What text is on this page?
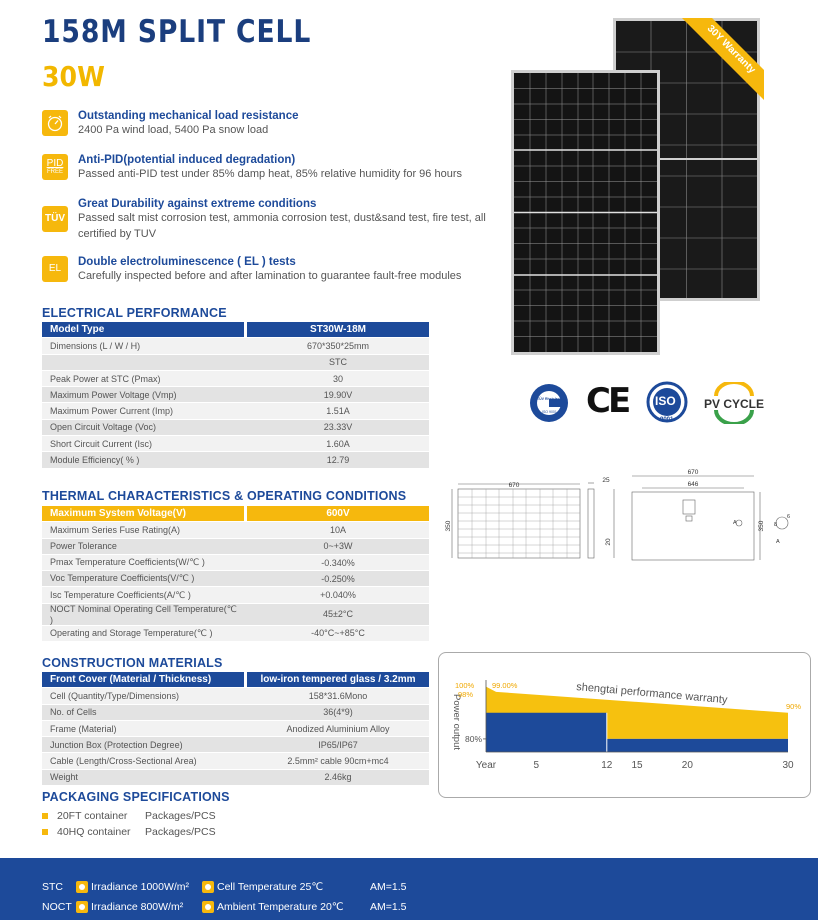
158M SPLIT CELL
30W
Outstanding mechanical load resistance
2400 Pa wind load, 5400 Pa snow load
PID
FREE
Anti-PID(potential induced degradation)
Passed anti-PID test under 85% damp heat, 85% relative humidity for 96 hours
TÜV
Great Durability against extreme conditions
Passed salt mist corrosion test, ammonia corrosion test, dust&sand test, fire test, all certified by TUV
EL
Double electroluminescence ( EL ) tests
Carefully inspected before and after lamination to guarantee fault-free modules
30Y Warranty
TÜV Rheinland
ISO 9001 CE ISO
9001
PV CYCLE
ELECTRICAL PERFORMANCE
Model Type	ST30W-18M
Dimensions (L / W / H)	670*350*25mm
	STC
Peak Power at STC (Pmax)	30
Maximum Power Voltage (Vmp)	19.90V
Maximum Power Current (Imp)	1.51A
Open Circuit Voltage (Voc)	23.33V
Short Circuit Current (Isc)	1.60A
Module Efficiency( % )	12.79
THERMAL CHARACTERISTICS & OPERATING CONDITIONS
Maximum System Voltage(V)	600V
Maximum Series Fuse Rating(A)	10A
Power Tolerance	0~+3W
Pmax Temperature Coefficients(W/℃ )	-0.340%
Voc Temperature Coefficients(V/℃ )	-0.250%
Isc Temperature Coefficients(A/℃ )	+0.040%
NOCT Nominal Operating Cell Temperature(℃ )	45±2°C
Operating and Storage Temperature(℃ )	-40°C~+85°C
670
350
25
20
670
646
350
A
A
8
6
CONSTRUCTION MATERIALS
Front Cover (Material / Thickness)	low-iron tempered glass / 3.2mm
Cell (Quantity/Type/Dimensions)	158*31.6Mono
No. of Cells	36(4*9)
Frame (Material)	Anodized Aluminium Alloy
Junction Box (Protection Degree)	IP65/IP67
Cable (Length/Cross-Sectional Area)	2.5mm² cable 90cm+mc4
Weight	2.46kg
shengtai performance warranty
Power output 80%
Year	5	12 15	20	30
100%
98%
99.00%
90%
PACKAGING SPECIFICATIONS
20FT container	Packages/PCS
40HQ container	Packages/PCS
STC	Irradiance 1000W/m²	Cell Temperature 25℃	AM=1.5
NOCT	Irradiance 800W/m²	Ambient Temperature 20℃	AM=1.5
